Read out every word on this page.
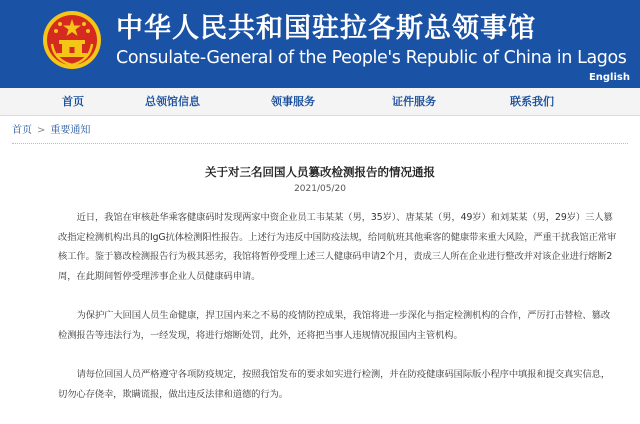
中华人民共和国驻拉各斯总领事馆
Consulate-General of the People's Republic of China in Lagos
English
首页	总领馆信息	领事服务	证件服务	联系我们
首页 > 重要通知
关于对三名回国人员篡改检测报告的情况通报
2021/05/20

近日，我馆在审核赴华乘客健康码时发现两家中资企业员工韦某某（男，35岁）、唐某某（男，49岁）和刘某某（男，29岁）三人篡改指定检测机构出具的IgG抗体检测阳性报告。上述行为违反中国防疫法规，给同航班其他乘客的健康带来重大风险，严重干扰我馆正常审核工作。鉴于篡改检测报告行为极其恶劣，我馆将暂停受理上述三人健康码申请2个月，责成三人所在企业进行整改并对该企业进行熔断2周，在此期间暂停受理涉事企业人员健康码申请。

为保护广大回国人员生命健康，捍卫国内来之不易的疫情防控成果，我馆将进一步深化与指定检测机构的合作，严厉打击替检、篡改检测报告等违法行为，一经发现，将进行熔断处罚，此外，还将把当事人违规情况报国内主管机构。

请每位回国人员严格遵守各项防疫规定，按照我馆发布的要求如实进行检测，并在防疫健康码国际版小程序中填报和提交真实信息，切勿心存侥幸，欺瞒谎报，做出违反法律和道德的行为。
